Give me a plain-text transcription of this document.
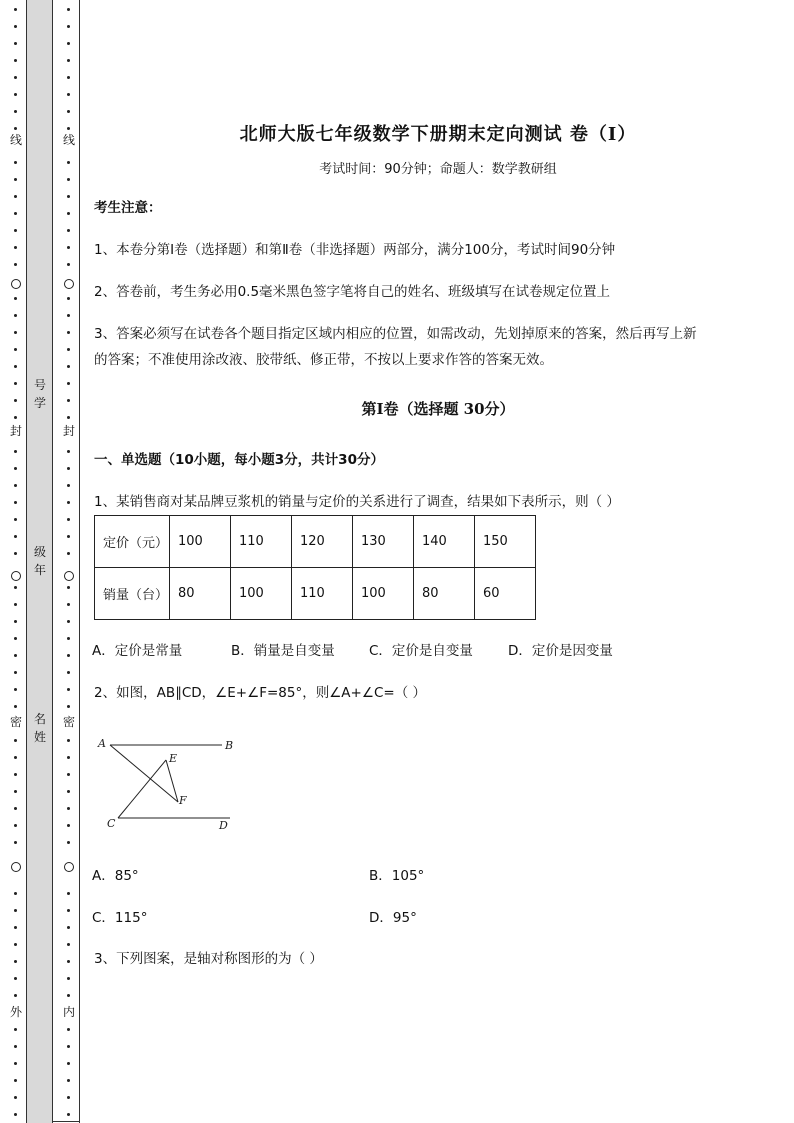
线
封
密
外
线
封
密
内
号学
级年
名姓
北师大版七年级数学下册期末定向测试 卷（Ⅰ）
考试时间：90分钟；命题人：数学教研组
考生注意：
1、本卷分第I卷（选择题）和第Ⅱ卷（非选择题）两部分，满分100分，考试时间90分钟
2、答卷前，考生务必用0.5毫米黑色签字笔将自己的姓名、班级填写在试卷规定位置上
3、答案必须写在试卷各个题目指定区域内相应的位置，如需改动，先划掉原来的答案，然后再写上新
的答案；不准使用涂改液、胶带纸、修正带，不按以上要求作答的答案无效。
第I卷（选择题 30分）
一、单选题（10小题，每小题3分，共计30分）
1、某销售商对某品牌豆浆机的销量与定价的关系进行了调查，结果如下表所示，则（ ）
定价（元）	100	110	120	130	140	150
销量（台）	80	100	110	100	80	60
A．定价是常量	B．销量是自变量	C．定价是自变量	D．定价是因变量
2、如图，AB∥CD，∠E+∠F=85°，则∠A+∠C=（ ）
A	B
C	D
E
F
A．85°	B．105°
C．115°	D．95°
3、下列图案，是轴对称图形的为（ ）
